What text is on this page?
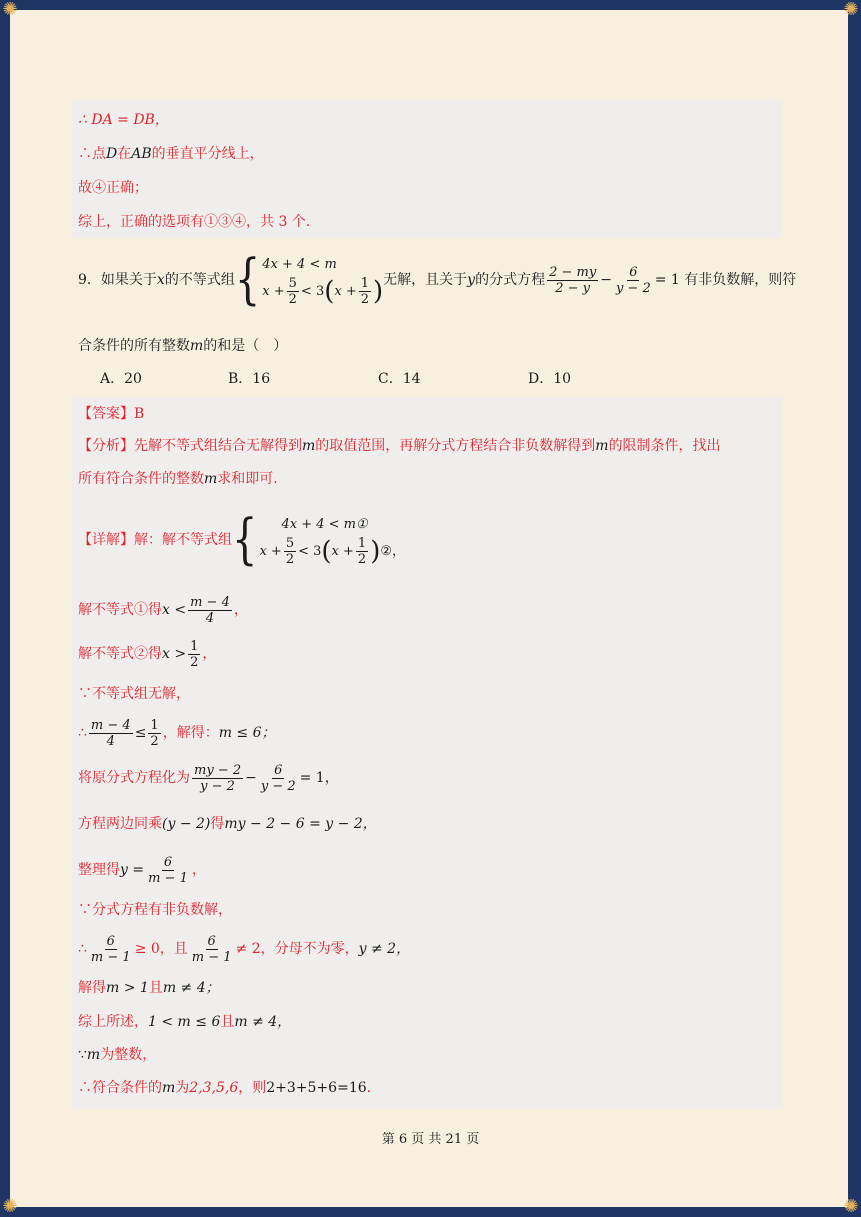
✺	✺
✺	✺
∴ DA = DB，
∴点D在AB的垂直平分线上，
故④正确；
综上，正确的选项有①③④，共 3 个.
9．如果关于x的不等式组{ 4x + 4 < m
$x + \frac{5}{2} < 3(x + \frac{1}{2}$ ) 无解，且关于y的分式方程 $\frac{2 - my}{2 - y} - \frac{6}{y - 2} = 1$ 有非负数解，则符
合条件的所有整数m的和是（　）
A．20	B．16	C．14	D．10
【答案】B
【分析】先解不等式组结合无解得到m的取值范围，再解分式方程结合非负数解得到m的限制条件，找出
所有符合条件的整数m求和即可.
【详解】解：解不等式组{	4x + 4 < m①
$x + \frac{5}{2} < 3(x + \frac{1}{2}$ )②，
解不等式①得$x < \frac{m - 4}{4}$ ，
解不等式②得$x > \frac{1}{2}$ ，
∵不等式组无解，
∴ $\frac{m - 4}{4} \le \frac{1}{2}$ ，解得：m ≤ 6；
将原分式方程化为 $\frac{my - 2}{y - 2} - \frac{6}{y - 2} = 1$，
方程两边同乘(y − 2)得my − 2 − 6 = y − 2，
整理得$y = \frac{6}{m - 1}$ ，
∵分式方程有非负数解，
∴ $\frac{6}{m - 1} \ge 0$，且 $\frac{6}{m - 1} \ne 2$，分母不为零，y ≠ 2，
解得m > 1且m ≠ 4；
综上所述，1 < m ≤ 6且m ≠ 4，
∵m为整数，
∴符合条件的m为2,3,5,6，则2+3+5+6=16.
第 6 页 共 21 页
